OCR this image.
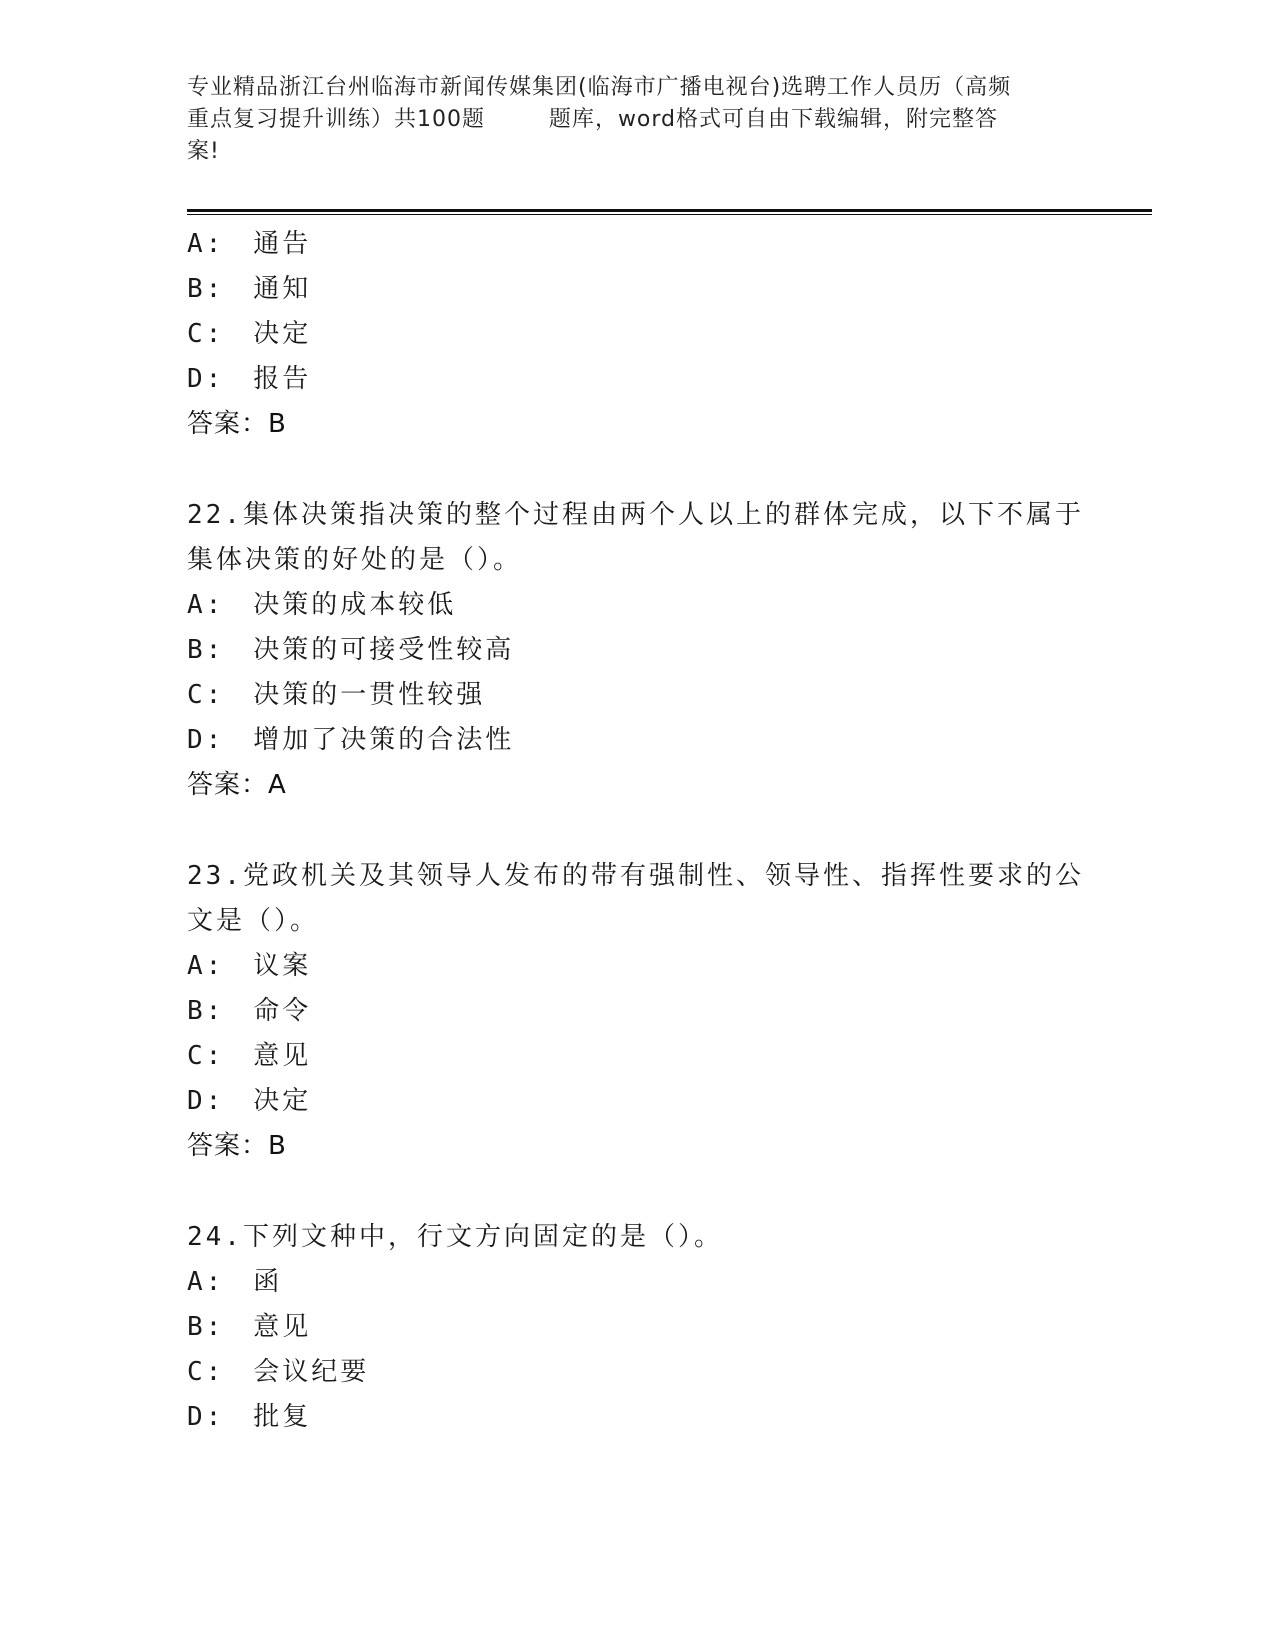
专业精品浙江台州临海市新闻传媒集团(临海市广播电视台)选聘工作人员历（高频
重点复习提升训练）共100题        题库，word格式可自由下载编辑，附完整答
案!
A:　通告
B:　通知
C:　决定
D:　报告
答案：B
22.集体决策指决策的整个过程由两个人以上的群体完成，以下不属于
集体决策的好处的是（）。
A:　决策的成本较低
B:　决策的可接受性较高
C:　决策的一贯性较强
D:　增加了决策的合法性
答案：A
23.党政机关及其领导人发布的带有强制性、领导性、指挥性要求的公
文是（）。
A:　议案
B:　命令
C:　意见
D:　决定
答案：B
24.下列文种中，行文方向固定的是（）。
A:　函
B:　意见
C:　会议纪要
D:　批复
